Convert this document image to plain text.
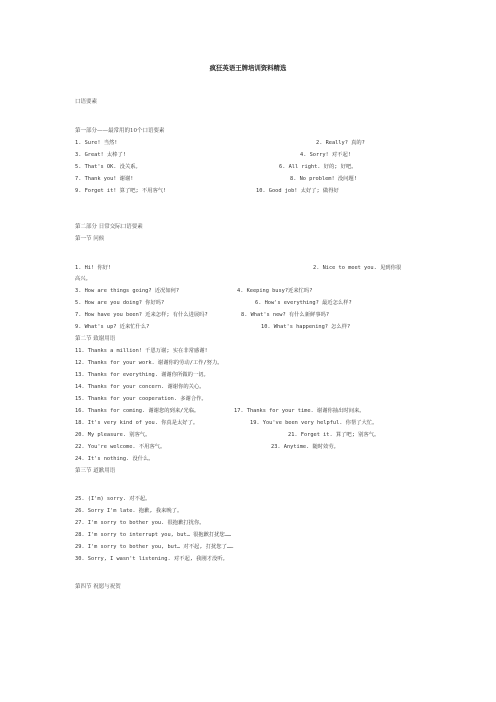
疯狂英语王牌培训资料精选
口语要素
第一部分——最常用的10个口语要素
1. Sure! 当然!	2. Really? 真的?
3. Great! 太棒了!	4. Sorry! 对不起!
5. That's OK. 没关系。	6. All right. 好的; 好吧。
7. Thank you! 谢谢!	8. No problem! 没问题!
9. Forget it! 算了吧; 不用客气!	10. Good job! 太好了; 做得好
第二部分 日常交际口语要素
第一节 问候
1. Hi! 你好!	2. Nice to meet you. 见到你很
高兴。
3. How are things going? 近况如何?	4. Keeping busy?近来忙吗?
5. How are you doing? 你好吗?	6. How's everything? 最近怎么样?
7. How have you been? 近来怎样; 有什么进展吗?	8. What's new? 有什么新鲜事吗?
9. What's up? 近来忙什么?	10. What's happening? 怎么样?
第二节 致谢用语
11. Thanks a million! 千恩万谢; 实在非常感谢!
12. Thanks for your work. 谢谢你的劳动/工作/努力。
13. Thanks for everything. 谢谢你所做的一切。
14. Thanks for your concern. 谢谢你的关心。
15. Thanks for your cooperation. 多谢合作。
16. Thanks for coming. 谢谢您的到来/光临。	17. Thanks for your time. 谢谢你抽出时间来。
18. It's very kind of you. 你真是太好了。	19. You've been very helpful. 你帮了大忙。
20. My pleasure. 别客气。	21. Forget it. 算了吧; 别客气。
22. You're welcome. 不用客气。	23. Anytime. 随时效劳。
24. It's nothing. 没什么。
第三节 道歉用语
25. (I'm) sorry. 对不起。
26. Sorry I'm late. 抱歉, 我来晚了。
27. I'm sorry to bother you. 很抱歉打扰你。
28. I'm sorry to interrupt you, but… 很抱歉打扰您……
29. I'm sorry to bother you, but… 对不起, 打扰您了……
30. Sorry, I wasn't listening. 对不起, 我刚才没听。
第四节 祝愿与祝贺
